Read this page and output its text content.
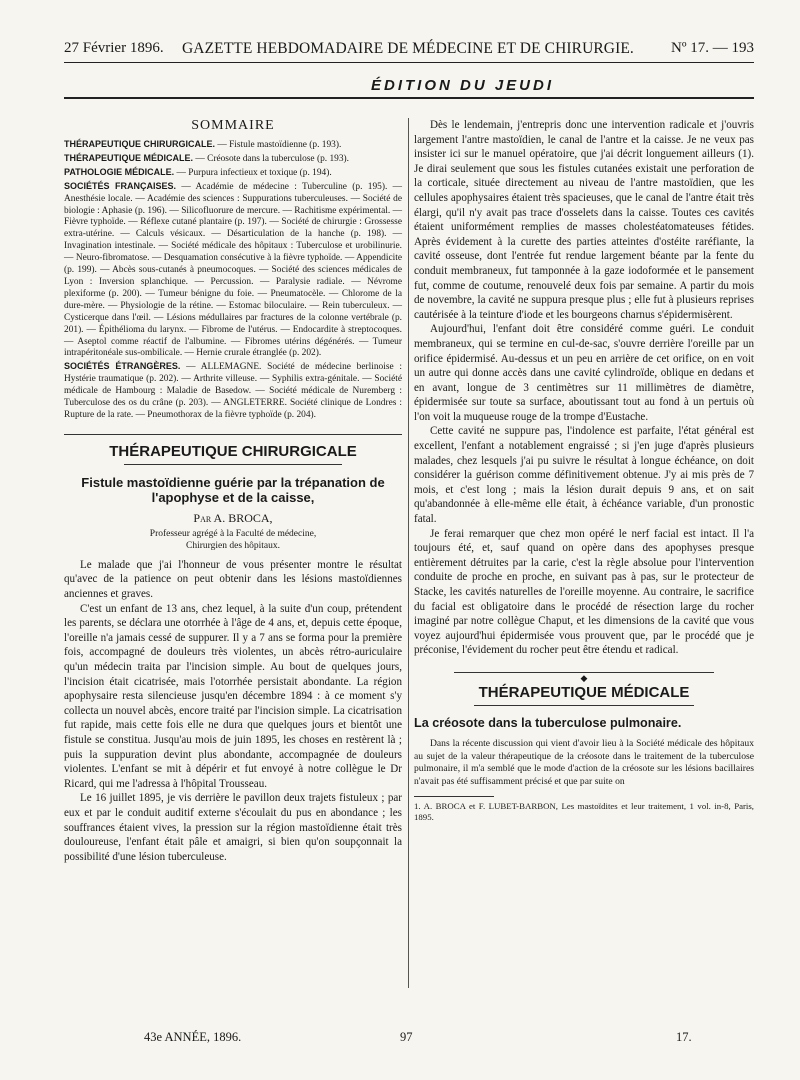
27 Février 1896. GAZETTE HEBDOMADAIRE DE MÉDECINE ET DE CHIRURGIE. Nº 17. — 193
ÉDITION DU JEUDI
SOMMAIRE

THÉRAPEUTIQUE CHIRURGICALE. — Fistule mastoïdienne (p. 193).

THÉRAPEUTIQUE MÉDICALE. — Créosote dans la tuberculose (p. 193).

PATHOLOGIE MÉDICALE. — Purpura infectieux et toxique (p. 194).

SOCIÉTÉS FRANÇAISES. — Académie de médecine : Tuberculine (p. 195). — Anesthésie locale. — Académie des sciences : Suppurations tuberculeuses. — Société de biologie : Aphasie (p. 196). — Silicofluorure de mercure. — Rachitisme expérimental. — Fièvre typhoïde. — Réflexe cutané plantaire (p. 197). — Société de chirurgie : Grossesse extra-utérine. — Calculs vésicaux. — Désarticulation de la hanche (p. 198). — Invagination intestinale. — Société médicale des hôpitaux : Tuberculose et urobilinurie. — Neuro-fibromatose. — Desquamation consécutive à la fièvre typhoïde. — Appendicite (p. 199). — Abcès sous-cutanés à pneumocoques. — Société des sciences médicales de Lyon : Inversion splanchique. — Percussion. — Paralysie radiale. — Névrome plexiforme (p. 200). — Tumeur bénigne du foie. — Pneumatocèle. — Chlorome de la dure-mère. — Physiologie de la rétine. — Estomac biloculaire. — Rein tuberculeux. — Cysticerque dans l'œil. — Lésions médullaires par fractures de la colonne vertébrale (p. 201). — Épithélioma du larynx. — Fibrome de l'utérus. — Endocardite à streptocoques. — Aseptol comme réactif de l'albumine. — Fibromes utérins dégénérés. — Tumeur intrapéritonéale sus-ombilicale. — Hernie crurale étranglée (p. 202).

SOCIÉTÉS ÉTRANGÈRES. — ALLEMAGNE. Société de médecine berlinoise : Hystérie traumatique (p. 202). — Arthrite villeuse. — Syphilis extra-génitale. — Société médicale de Hambourg : Maladie de Basedow. — Société médicale de Nuremberg : Tuberculose des os du crâne (p. 203). — ANGLETERRE. Société clinique de Londres : Rupture de la rate. — Pneumothorax de la fièvre typhoïde (p. 204).

THÉRAPEUTIQUE CHIRURGICALE
Fistule mastoïdienne guérie par la trépanation de l'apophyse et de la caisse,
Par A. BROCA,
Professeur agrégé à la Faculté de médecine,
Chirurgien des hôpitaux.

Le malade que j'ai l'honneur de vous présenter montre le résultat qu'avec de la patience on peut obtenir dans les lésions mastoïdiennes anciennes et graves.

C'est un enfant de 13 ans, chez lequel, à la suite d'un coup, prétendent les parents, se déclara une otorrhée à l'âge de 4 ans, et, depuis cette époque, l'oreille n'a jamais cessé de suppurer. Il y a 7 ans se forma pour la première fois, accompagné de douleurs très violentes, un abcès rétro-auriculaire qu'un médecin traita par l'incision simple. Au bout de quelques jours, l'incision était cicatrisée, mais l'otorrhée persistait abondante. La région apophysaire resta silencieuse jusqu'en décembre 1894 : à ce moment s'y collecta un nouvel abcès, encore traité par l'incision simple. La cicatrisation fut rapide, mais cette fois elle ne dura que quelques jours et bientôt une fistule se constitua. Jusqu'au mois de juin 1895, les choses en restèrent là ; puis la suppuration devint plus abondante, accompagnée de douleurs violentes. L'enfant se mit à dépérir et fut envoyé à notre collègue le Dr Ricard, qui me l'adressa à l'hôpital Trousseau.

Le 16 juillet 1895, je vis derrière le pavillon deux trajets fistuleux ; par eux et par le conduit auditif externe s'écoulait du pus en abondance ; les souffrances étaient vives, la pression sur la région mastoïdienne était très douloureuse, l'enfant était pâle et amaigri, si bien qu'on soupçonnait la possibilité d'une lésion tuberculeuse.

Dès le lendemain, j'entrepris donc une intervention radicale et j'ouvris largement l'antre mastoïdien, le canal de l'antre et la caisse. Je ne veux pas insister ici sur le manuel opératoire, que j'ai décrit longuement ailleurs (1). Je dirai seulement que sous les fistules cutanées existait une perforation de la corticale, située directement au niveau de l'antre mastoïdien, que les cellules apophysaires étaient très spacieuses, que le canal de l'antre était très élargi, qu'il n'y avait pas trace d'osselets dans la caisse. Toutes ces cavités étaient uniformément remplies de masses cholestéatomateuses fétides. Après évidement à la curette des parties atteintes d'ostéite raréfiante, la cavité osseuse, dont l'entrée fut rendue largement béante par la fente du conduit membraneux, fut tamponnée à la gaze iodoformée et le pansement fut, comme de coutume, renouvelé deux fois par semaine. A partir du mois de novembre, la cavité ne suppura presque plus ; elle fut à plusieurs reprises cautérisée à la teinture d'iode et les bourgeons charnus s'épidermisèrent.

Aujourd'hui, l'enfant doit être considéré comme guéri. Le conduit membraneux, qui se termine en cul-de-sac, s'ouvre derrière l'oreille par un orifice épidermisé. Au-dessus et un peu en arrière de cet orifice, on en voit un autre qui donne accès dans une cavité cylindroïde, oblique en dedans et en avant, longue de 3 centimètres sur 11 millimètres de diamètre, épidermisée sur toute sa surface, aboutissant tout au fond à un pertuis où l'on voit la muqueuse rouge de la trompe d'Eustache.

Cette cavité ne suppure pas, l'indolence est parfaite, l'état général est excellent, l'enfant a notablement engraissé ; si j'en juge d'après plusieurs malades, chez lesquels j'ai pu suivre le résultat à longue échéance, on doit considérer la guérison comme définitivement obtenue. J'y ai mis près de 7 mois, et c'est long ; mais la lésion durait depuis 9 ans, et on sait qu'abandonnée à elle-même elle était, à échéance variable, d'un pronostic fatal.

Je ferai remarquer que chez mon opéré le nerf facial est intact. Il l'a toujours été, et, sauf quand on opère dans des apophyses presque entièrement détruites par la carie, c'est la règle absolue pour l'intervention conduite de proche en proche, en suivant pas à pas, sur le protecteur de Stacke, les cavités naturelles de l'oreille moyenne. Au contraire, le sacrifice du facial est obligatoire dans le procédé de résection large du rocher imaginé par notre collègue Chaput, et les dimensions de la cavité que vous voyez aujourd'hui épidermisée vous prouvent que, par le procédé que je préconise, l'évidement du rocher peut être étendu et radical.

◆
THÉRAPEUTIQUE MÉDICALE
La créosote dans la tuberculose pulmonaire.

Dans la récente discussion qui vient d'avoir lieu à la Société médicale des hôpitaux au sujet de la valeur thérapeutique de la créosote dans le traitement de la tuberculose pulmonaire, il m'a semblé que le mode d'action de la créosote sur les lésions bacillaires n'avait pas été suffisamment précisé et que par suite on

1. A. BROCA et F. LUBET-BARBON, Les mastoïdites et leur traitement, 1 vol. in-8, Paris, 1895.

43e ANNÉE, 1896.	97	17.
